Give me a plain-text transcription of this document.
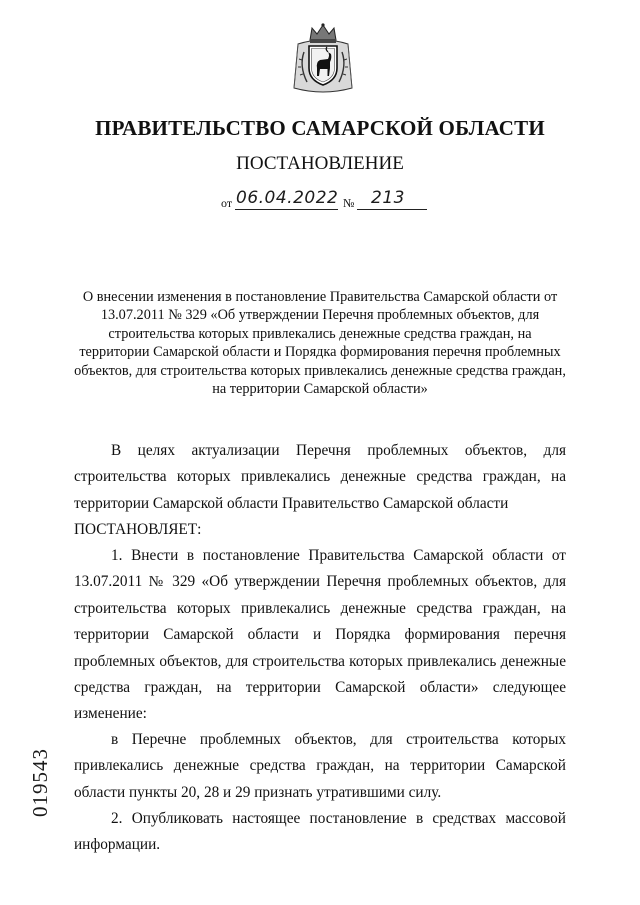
ПРАВИТЕЛЬСТВО САМАРСКОЙ ОБЛАСТИ
ПОСТАНОВЛЕНИЕ
от 06.04.2022 № 213
О внесении изменения в постановление Правительства Самарской области от 13.07.2011 № 329 «Об утверждении Перечня проблемных объектов, для строительства которых привлекались денежные средства граждан, на территории Самарской области и Порядка формирования перечня проблемных объектов, для строительства которых привлекались денежные средства граждан, на территории Самарской области»

В целях актуализации Перечня проблемных объектов, для строительства которых привлекались денежные средства граждан, на территории Самарской области Правительство Самарской области

ПОСТАНОВЛЯЕТ:

1. Внести в постановление Правительства Самарской области от 13.07.2011 № 329 «Об утверждении Перечня проблемных объектов, для строительства которых привлекались денежные средства граждан, на территории Самарской области и Порядка формирования перечня проблемных объектов, для строительства которых привлекались денежные средства граждан, на территории Самарской области» следующее изменение:

в Перечне проблемных объектов, для строительства которых привлекались денежные средства граждан, на территории Самарской области пункты 20, 28 и 29 признать утратившими силу.

2. Опубликовать настоящее постановление в средствах массовой информации.

019543
